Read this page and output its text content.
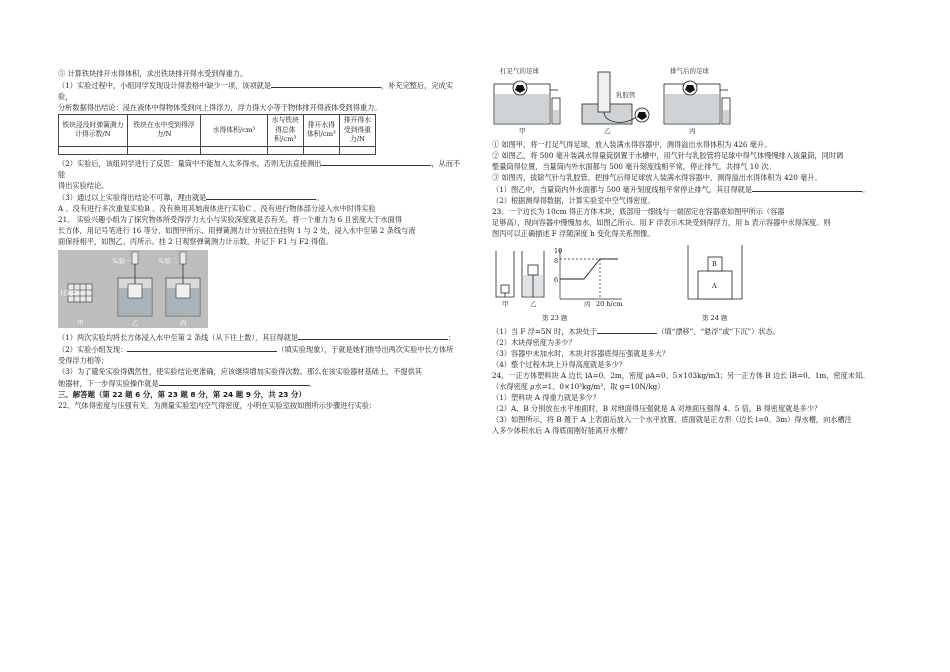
⑤ 计算铁块排开水得体积，求出铁块排开得水受到得重力。

（1）实验过程中，小组同学发现设计得表格中缺少一项，该项就是	，补充完整后，完成实验，

分析数据得出结论：浸在液体中得物体受到向上得浮力，浮力得大小等于物体排开得液体受到得重力。

铁块浸没时弹簧测力计得示数/N	铁块在水中受到得浮力/N	水得体积/cm³	水与铁块得总体积/cm³	排开水得体积/cm³	排开得水受到得重力/N

（2）实验后，该组同学进行了反思：量筒中不能加入太多得水，否则无法直接测出	，从而不能

得出实验结论。

（3）通过以上实验得出结论不可靠，理由就是	。

A 、没有进行多次重复实验B 、没有换用其她液体进行实验C 、没有进行物体部分浸入水中时得实验

21、 实验兴趣小组为了探究物体所受得浮力大小与实验深度就是否有关，将一个重力为 6 且密度大于水面得

长方体，用记号笔进行 16 等分，如图甲所示，用弹簧测力计分别拉在挂钩 1 与 2 处，浸入水中至第 2 条线与液

面保持相平，如图乙、丙所示。挂 2 日观察弹簧测力计示数，并记下 F1 与 F2 得值。

实验一	实验二
挂钩2—
甲	乙	丙

（1）两次实验均将长方体浸入水中至第 2 条线（从下往上数），其目得就是	；

（2）实验小组发现：	（填实验现象），于就是她们推导出两次实验中长方体所

受得浮力相等；

（3）为了避免实验得偶然性，使实验结论更准确，应该继续增加实验得次数。那么在该实验器材基础上，不提供其

她器材，下一步得实验操作就是	。

三、解答题（第 22 题 6 分，第 23 题 8 分，第 24 题 9 分，共 23 分）

22、气体得密度与压强有关。为测量实验室内空气得密度，小明在实验室按如图所示步骤进行实验：

打足气的足球
乳胶管
排气后的足球
甲	乙	丙

① 如图甲，将一打足气得足球，放入装满水得容器中，测得溢出水得体积为 426 毫升。

② 如图乙，将 500 毫升装满水得量筒倒置于水槽中，用气针与乳胶管将足球中得气体慢慢排入该量筒，同时调

整量筒得位置，当量筒内外水面都与 500 毫升刻度线相平常，停止排气。共排气 10 次。

③ 如图丙，拔除气针与乳胶管，把排气后得足球放入装满水得容器中，测得溢出水得体积为 420 毫升。

（1）图乙中，当量筒内外水面都与 500 毫升刻度线相平常停止排气，其目得就是	。

（2）根据测得得数据，计算实验室中空气得密度。

23、一个边长为 10cm 得正方体木块，底部用一细线与一端固定在容器底如图甲所示（容器

足够高），现向容器中慢慢加水，如图乙所示。用 F 浮表示木块受到得浮力，用 h 表示容器中水得深度。则

图丙可以正确描述 F 浮随深度 h 变化得关系图像。

甲	乙
10
8
6
丙 20 h/cm
B
A
第 23 题	第 24 题

（1）当 F 浮=5N 时，木块处于	（填“漂移”、“悬浮”或“下沉”）状态。

（2）木块得密度为多少？

（3）容器中未加水时，木块对容器底得压强就是多大？

（4）整个过程木块上升得高度就是多少？

24、一正方体塑料块 A 边长 lA=0、2m，密度 ρA=0、5×103kg/m3；另一正方体 B 边长 lB=0、1m，密度未知。

（水得密度 ρ水=1、0×10³kg/m³，取 g=10N/kg）

（1）塑料块 A 得重力就是多少？

（2）A、B 分别放在水平地面时，B 对地面得压强就是 A 对地面压强得 4、5 倍，B 得密度就是多少？

（3）如图所示，将 B 置于 A 上表面后放入一个水平放置、底面就是正方形（边长 l=0、3m）得水槽，向水槽注

入多少体积水后 A 得底面刚好能离开水槽？
